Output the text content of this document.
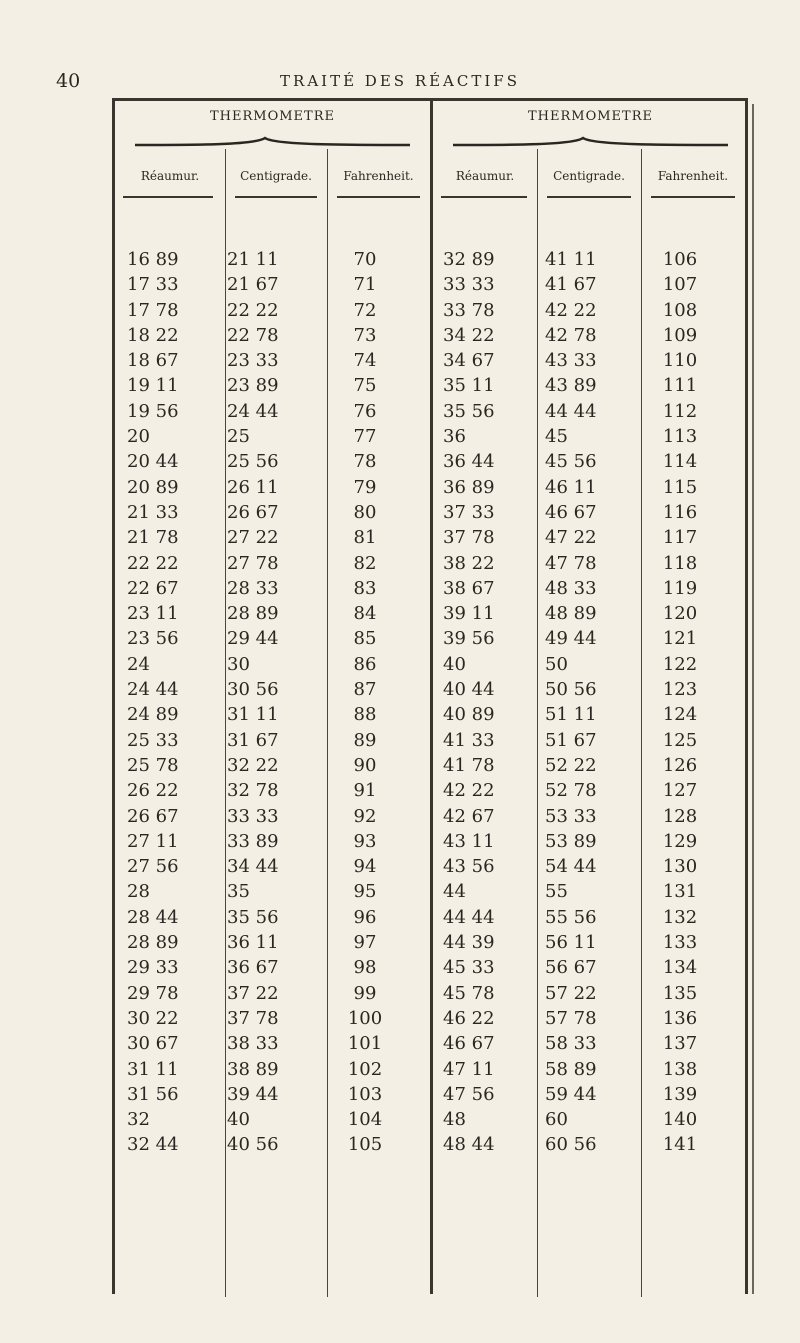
40	TRAITÉ DES RÉACTIFS
THERMOMETRE
Réaumur.	Centigrade.	Fahrenheit.
16 89	21 11	70
17 33	21 67	71
17 78	22 22	72
18 22	22 78	73
18 67	23 33	74
19 11	23 89	75
19 56	24 44	76
20	25	77
20 44	25 56	78
20 89	26 11	79
21 33	26 67	80
21 78	27 22	81
22 22	27 78	82
22 67	28 33	83
23 11	28 89	84
23 56	29 44	85
24	30	86
24 44	30 56	87
24 89	31 11	88
25 33	31 67	89
25 78	32 22	90
26 22	32 78	91
26 67	33 33	92
27 11	33 89	93
27 56	34 44	94
28	35	95
28 44	35 56	96
28 89	36 11	97
29 33	36 67	98
29 78	37 22	99
30 22	37 78	100
30 67	38 33	101
31 11	38 89	102
31 56	39 44	103
32	40	104
32 44	40 56	105
THERMOMETRE
Réaumur.	Centigrade.	Fahrenheit.
32 89	41 11	106
33 33	41 67	107
33 78	42 22	108
34 22	42 78	109
34 67	43 33	110
35 11	43 89	111
35 56	44 44	112
36	45	113
36 44	45 56	114
36 89	46 11	115
37 33	46 67	116
37 78	47 22	117
38 22	47 78	118
38 67	48 33	119
39 11	48 89	120
39 56	49 44	121
40	50	122
40 44	50 56	123
40 89	51 11	124
41 33	51 67	125
41 78	52 22	126
42 22	52 78	127
42 67	53 33	128
43 11	53 89	129
43 56	54 44	130
44	55	131
44 44	55 56	132
44 39	56 11	133
45 33	56 67	134
45 78	57 22	135
46 22	57 78	136
46 67	58 33	137
47 11	58 89	138
47 56	59 44	139
48	60	140
48 44	60 56	141
